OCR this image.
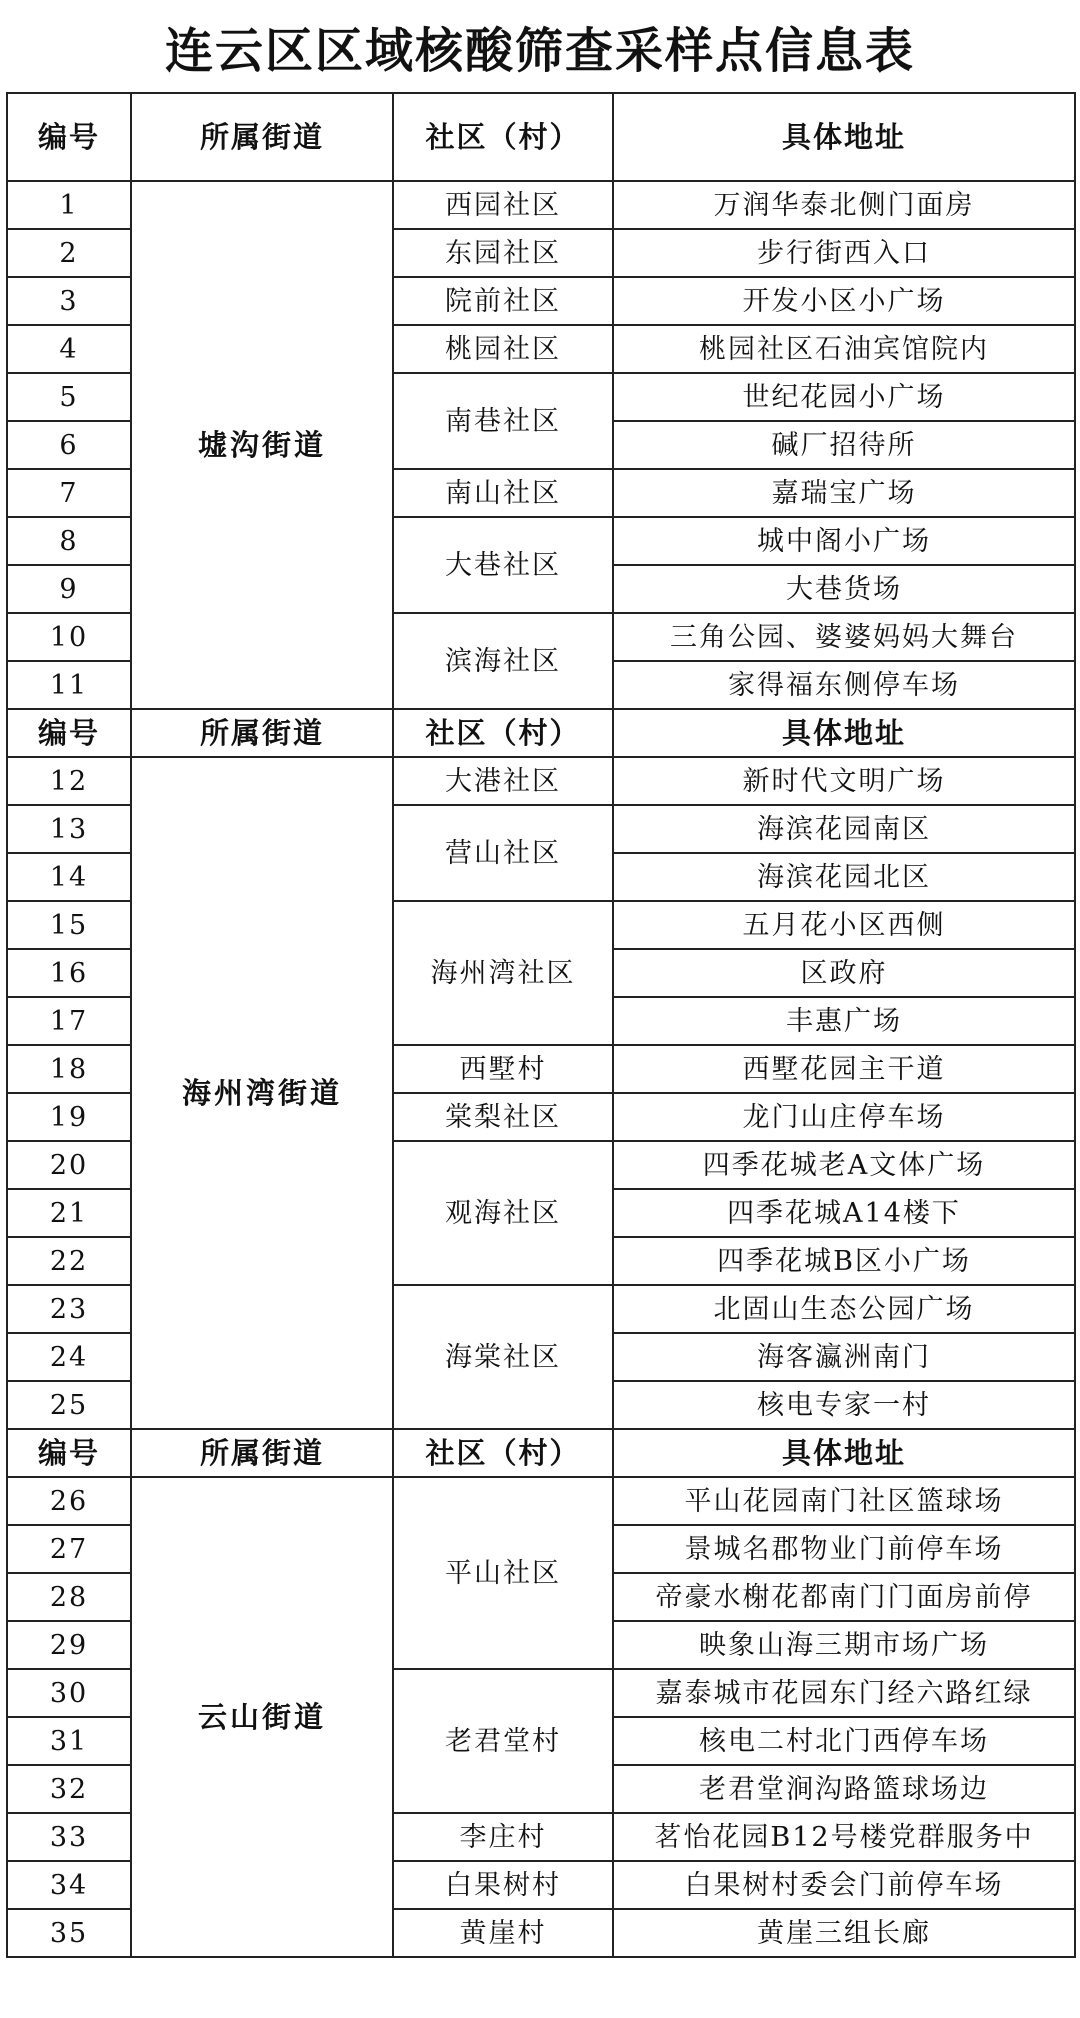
连云区区域核酸筛查采样点信息表
编号	所属街道	社区（村）	具体地址
1	墟沟街道	西园社区	万润华泰北侧门面房
2		东园社区	步行街西入口
3		院前社区	开发小区小广场
4		桃园社区	桃园社区石油宾馆院内
5		南巷社区	世纪花园小广场
6			碱厂招待所
7		南山社区	嘉瑞宝广场
8		大巷社区	城中阁小广场
9			大巷货场
10		滨海社区	三角公园、婆婆妈妈大舞台
11			家得福东侧停车场
编号	所属街道	社区（村）	具体地址
12	海州湾街道	大港社区	新时代文明广场
13		营山社区	海滨花园南区
14			海滨花园北区
15		海州湾社区	五月花小区西侧
16			区政府
17			丰惠广场
18		西墅村	西墅花园主干道
19		棠梨社区	龙门山庄停车场
20		观海社区	四季花城老A文体广场
21			四季花城A14楼下
22			四季花城B区小广场
23		海棠社区	北固山生态公园广场
24			海客瀛洲南门
25			核电专家一村
编号	所属街道	社区（村）	具体地址
26	云山街道	平山社区	平山花园南门社区篮球场
27			景城名郡物业门前停车场
28			帝豪水榭花都南门门面房前停
29			映象山海三期市场广场
30		老君堂村	嘉泰城市花园东门经六路红绿
31			核电二村北门西停车场
32			老君堂涧沟路篮球场边
33		李庄村	茗怡花园B12号楼党群服务中
34		白果树村	白果树村委会门前停车场
35		黄崖村	黄崖三组长廊
